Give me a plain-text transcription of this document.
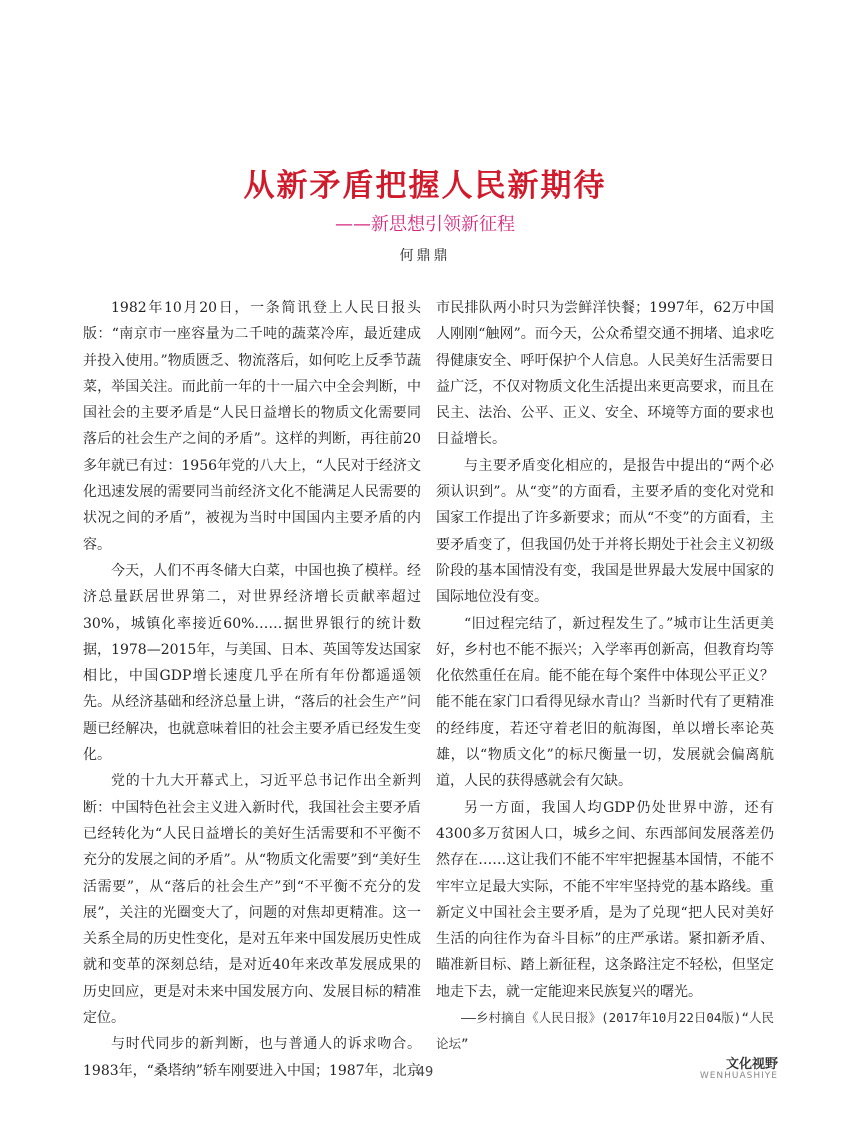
从新矛盾把握人民新期待
——新思想引领新征程
何鼎鼎

1982年10月20日，一条简讯登上人民日报头版：“南京市一座容量为二千吨的蔬菜冷库，最近建成并投入使用。”物质匮乏、物流落后，如何吃上反季节蔬菜，举国关注。而此前一年的十一届六中全会判断，中国社会的主要矛盾是“人民日益增长的物质文化需要同落后的社会生产之间的矛盾”。这样的判断，再往前20多年就已有过：1956年党的八大上，“人民对于经济文化迅速发展的需要同当前经济文化不能满足人民需要的状况之间的矛盾”，被视为当时中国国内主要矛盾的内容。

今天，人们不再冬储大白菜，中国也换了模样。经济总量跃居世界第二，对世界经济增长贡献率超过30%，城镇化率接近60%……据世界银行的统计数据，1978—2015年，与美国、日本、英国等发达国家相比，中国GDP增长速度几乎在所有年份都遥遥领先。从经济基础和经济总量上讲，“落后的社会生产”问题已经解决，也就意味着旧的社会主要矛盾已经发生变化。

党的十九大开幕式上，习近平总书记作出全新判断：中国特色社会主义进入新时代，我国社会主要矛盾已经转化为“人民日益增长的美好生活需要和不平衡不充分的发展之间的矛盾”。从“物质文化需要”到“美好生活需要”，从“落后的社会生产”到“不平衡不充分的发展”，关注的光圈变大了，问题的对焦却更精准。这一关系全局的历史性变化，是对五年来中国发展历史性成就和变革的深刻总结，是对近40年来改革发展成果的历史回应，更是对未来中国发展方向、发展目标的精准定位。

与时代同步的新判断，也与普通人的诉求吻合。1983年，“桑塔纳”轿车刚要进入中国；1987年，北京

市民排队两小时只为尝鲜洋快餐；1997年，62万中国人刚刚“触网”。而今天，公众希望交通不拥堵、追求吃得健康安全、呼吁保护个人信息。人民美好生活需要日益广泛，不仅对物质文化生活提出来更高要求，而且在民主、法治、公平、正义、安全、环境等方面的要求也日益增长。

与主要矛盾变化相应的，是报告中提出的“两个必须认识到”。从“变”的方面看，主要矛盾的变化对党和国家工作提出了许多新要求；而从“不变”的方面看，主要矛盾变了，但我国仍处于并将长期处于社会主义初级阶段的基本国情没有变，我国是世界最大发展中国家的国际地位没有变。

“旧过程完结了，新过程发生了。”城市让生活更美好，乡村也不能不振兴；入学率再创新高，但教育均等化依然重任在肩。能不能在每个案件中体现公平正义？能不能在家门口看得见绿水青山？当新时代有了更精准的经纬度，若还守着老旧的航海图，单以增长率论英雄，以“物质文化”的标尺衡量一切，发展就会偏离航道，人民的获得感就会有欠缺。

另一方面，我国人均GDP仍处世界中游，还有4300多万贫困人口，城乡之间、东西部间发展落差仍然存在……这让我们不能不牢牢把握基本国情，不能不牢牢立足最大实际，不能不牢牢坚持党的基本路线。重新定义中国社会主要矛盾，是为了兑现“把人民对美好生活的向往作为奋斗目标”的庄严承诺。紧扣新矛盾、瞄准新目标、踏上新征程，这条路注定不轻松，但坚定地走下去，就一定能迎来民族复兴的曙光。

——乡村摘自《人民日报》(2017年10月22日04版)“人民论坛”

49
文化视野
WENHUASHIYE
